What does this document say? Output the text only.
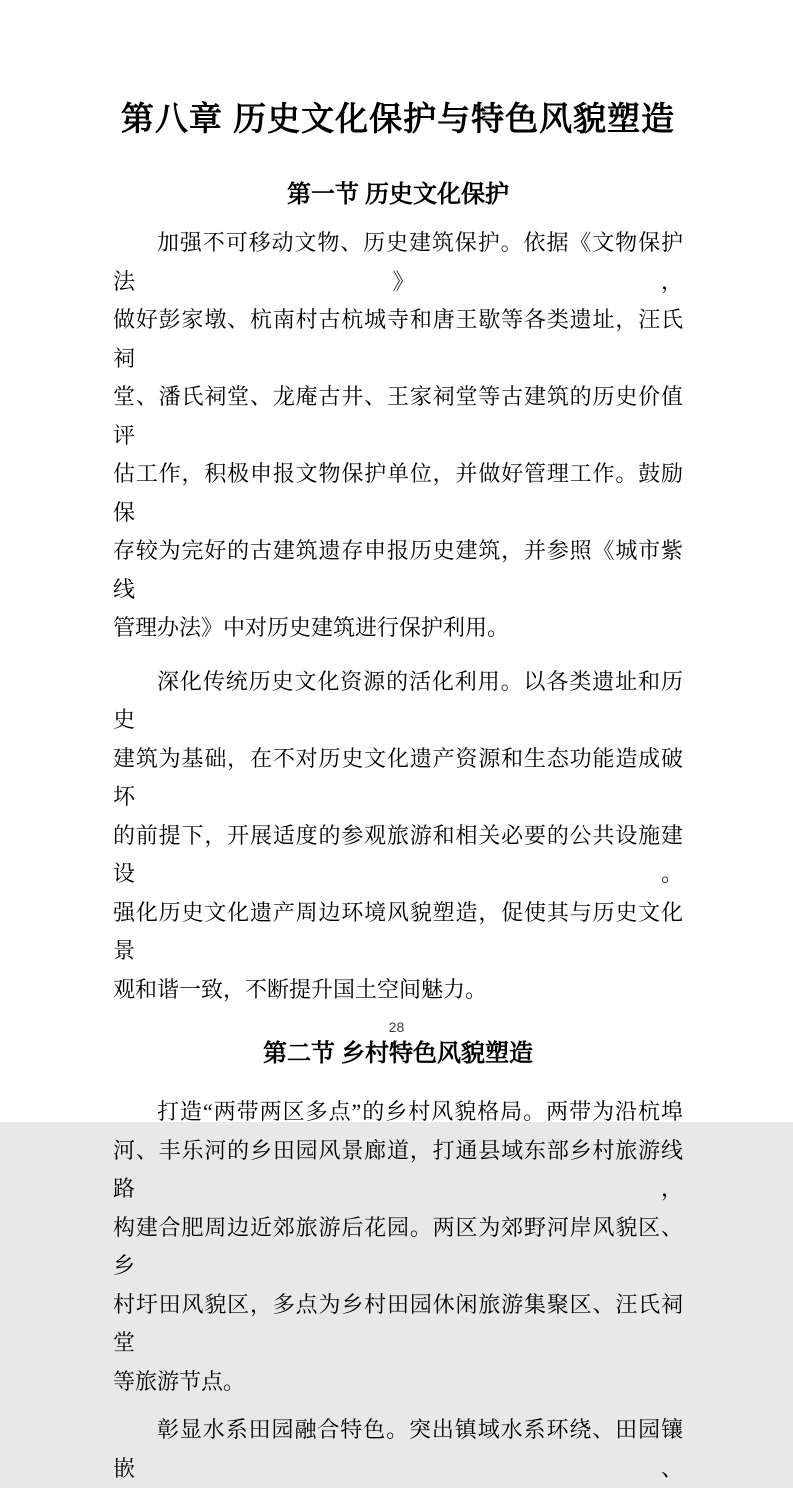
第八章 历史文化保护与特色风貌塑造
第一节 历史文化保护
加强不可移动文物、历史建筑保护。依据《文物保护法》，
做好彭家墩、杭南村古杭城寺和唐王歇等各类遗址，汪氏祠
堂、潘氏祠堂、龙庵古井、王家祠堂等古建筑的历史价值评
估工作，积极申报文物保护单位，并做好管理工作。鼓励保
存较为完好的古建筑遗存申报历史建筑，并参照《城市紫线
管理办法》中对历史建筑进行保护利用。
深化传统历史文化资源的活化利用。以各类遗址和历史
建筑为基础，在不对历史文化遗产资源和生态功能造成破坏
的前提下，开展适度的参观旅游和相关必要的公共设施建设。
强化历史文化遗产周边环境风貌塑造，促使其与历史文化景
观和谐一致，不断提升国土空间魅力。
第二节 乡村特色风貌塑造
打造“两带两区多点”的乡村风貌格局。两带为沿杭埠
河、丰乐河的乡田园风景廊道，打通县域东部乡村旅游线路，
构建合肥周边近郊旅游后花园。两区为郊野河岸风貌区、乡
村圩田风貌区，多点为乡村田园休闲旅游集聚区、汪氏祠堂
等旅游节点。
彰显水系田园融合特色。突出镇域水系环绕、田园镶嵌、
28
